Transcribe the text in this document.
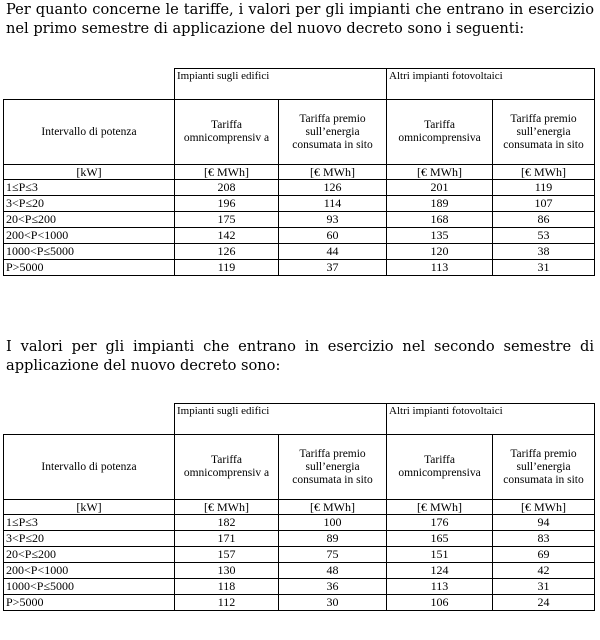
Per quanto concerne le tariffe, i valori per gli impianti che entrano in esercizio nel primo semestre di applicazione del nuovo decreto sono i seguenti:

	Impianti sugli edifici		Altri impianti fotovoltaici	
Intervallo di potenza	Tariffa omnicomprensiv a	Tariffa premio sull’energia consumata in sito	Tariffa omnicomprensiva	Tariffa premio sull’energia consumata in sito
[kW]	[€ MWh]	[€ MWh]	[€ MWh]	[€ MWh]
1≤P≤3	208	126	201	119
3<P≤20	196	114	189	107
20<P≤200	175	93	168	86
200<P<1000	142	60	135	53
1000<P≤5000	126	44	120	38
P>5000	119	37	113	31

I valori per gli impianti che entrano in esercizio nel secondo semestre di applicazione del nuovo decreto sono:

	Impianti sugli edifici		Altri impianti fotovoltaici	
Intervallo di potenza	Tariffa omnicomprensiv a	Tariffa premio sull’energia consumata in sito	Tariffa omnicomprensiva	Tariffa premio sull’energia consumata in sito
[kW]	[€ MWh]	[€ MWh]	[€ MWh]	[€ MWh]
1≤P≤3	182	100	176	94
3<P≤20	171	89	165	83
20<P≤200	157	75	151	69
200<P<1000	130	48	124	42
1000<P≤5000	118	36	113	31
P>5000	112	30	106	24
